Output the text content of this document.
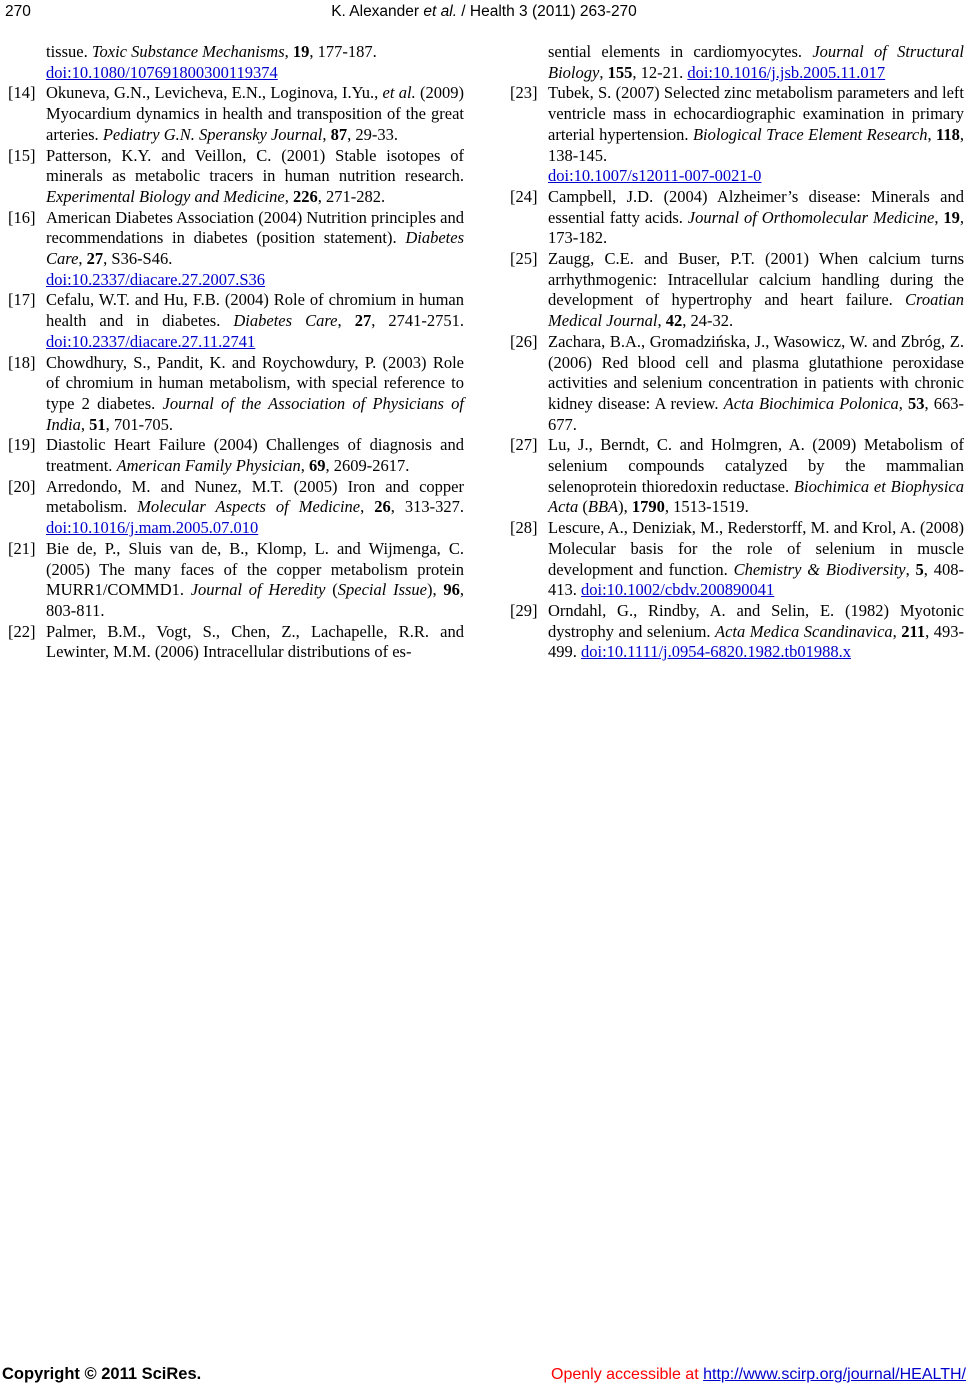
270	K. Alexander et al. / Health 3 (2011) 263-270
tissue. Toxic Substance Mechanisms, 19, 177-187.
doi:10.1080/107691800300119374
[14] Okuneva, G.N., Levicheva, E.N., Loginova, I.Yu., et al. (2009) Myocardium dynamics in health and transposition of the great arteries. Pediatry G.N. Speransky Journal, 87, 29-33.
[15] Patterson, K.Y. and Veillon, C. (2001) Stable isotopes of minerals as metabolic tracers in human nutrition research. Experimental Biology and Medicine, 226, 271-282.
[16] American Diabetes Association (2004) Nutrition principles and recommendations in diabetes (position statement). Diabetes Care, 27, S36-S46.
doi:10.2337/diacare.27.2007.S36
[17] Cefalu, W.T. and Hu, F.B. (2004) Role of chromium in human health and in diabetes. Diabetes Care, 27, 2741-2751. doi:10.2337/diacare.27.11.2741
[18] Chowdhury, S., Pandit, K. and Roychowdury, P. (2003) Role of chromium in human metabolism, with special reference to type 2 diabetes. Journal of the Association of Physicians of India, 51, 701-705.
[19] Diastolic Heart Failure (2004) Challenges of diagnosis and treatment. American Family Physician, 69, 2609-2617.
[20] Arredondo, M. and Nunez, M.T. (2005) Iron and copper metabolism. Molecular Aspects of Medicine, 26, 313-327. doi:10.1016/j.mam.2005.07.010
[21] Bie de, P., Sluis van de, B., Klomp, L. and Wijmenga, C. (2005) The many faces of the copper metabolism protein MURR1/COMMD1. Journal of Heredity (Special Issue), 96, 803-811.
[22] Palmer, B.M., Vogt, S., Chen, Z., Lachapelle, R.R. and Lewinter, M.M. (2006) Intracellular distributions of es-
sential elements in cardiomyocytes. Journal of Structural Biology, 155, 12-21. doi:10.1016/j.jsb.2005.11.017
[23] Tubek, S. (2007) Selected zinc metabolism parameters and left ventricle mass in echocardiographic examination in primary arterial hypertension. Biological Trace Element Research, 118, 138-145.
doi:10.1007/s12011-007-0021-0
[24] Campbell, J.D. (2004) Alzheimer’s disease: Minerals and essential fatty acids. Journal of Orthomolecular Medicine, 19, 173-182.
[25] Zaugg, C.E. and Buser, P.T. (2001) When calcium turns arrhythmogenic: Intracellular calcium handling during the development of hypertrophy and heart failure. Croatian Medical Journal, 42, 24-32.
[26] Zachara, B.A., Gromadzińska, J., Wasowicz, W. and Zbróg, Z. (2006) Red blood cell and plasma glutathione peroxidase activities and selenium concentration in patients with chronic kidney disease: A review. Acta Biochimica Polonica, 53, 663-677.
[27] Lu, J., Berndt, C. and Holmgren, A. (2009) Metabolism of selenium compounds catalyzed by the mammalian selenoprotein thioredoxin reductase. Biochimica et Biophysica Acta (BBA), 1790, 1513-1519.
[28] Lescure, A., Deniziak, M., Rederstorff, M. and Krol, A. (2008) Molecular basis for the role of selenium in muscle development and function. Chemistry & Biodiversity, 5, 408-413. doi:10.1002/cbdv.200890041
[29] Orndahl, G., Rindby, A. and Selin, E. (1982) Myotonic dystrophy and selenium. Acta Medica Scandinavica, 211, 493-499. doi:10.1111/j.0954-6820.1982.tb01988.x
Copyright © 2011 SciRes.	Openly accessible at http://www.scirp.org/journal/HEALTH/
